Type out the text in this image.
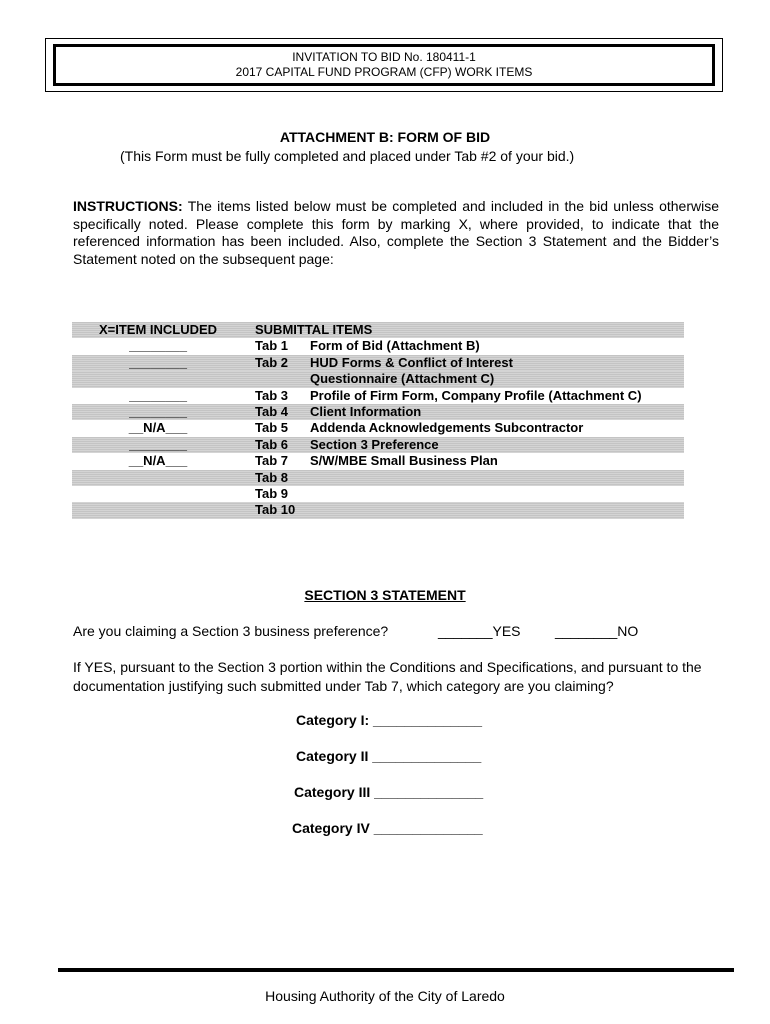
INVITATION TO BID No. 180411-1
2017 CAPITAL FUND PROGRAM (CFP) WORK ITEMS
ATTACHMENT B: FORM OF BID
(This Form must be fully completed and placed under Tab #2 of your bid.)
INSTRUCTIONS: The items listed below must be completed and included in the bid unless otherwise specifically noted. Please complete this form by marking X, where provided, to indicate that the referenced information has been included. Also, complete the Section 3 Statement and the Bidder’s Statement noted on the subsequent page:
X=ITEM INCLUDED	SUBMITTAL ITEMS
________	Tab 1	Form of Bid (Attachment B)
________	Tab 2	HUD Forms & Conflict of Interest
Questionnaire (Attachment C)
________	Tab 3	Profile of Firm Form, Company Profile (Attachment C)
________	Tab 4	Client Information
__N/A___	Tab 5	Addenda Acknowledgements Subcontractor
________	Tab 6	Section 3 Preference
__N/A___	Tab 7	S/W/MBE Small Business Plan
Tab 8
Tab 9
Tab 10
SECTION 3 STATEMENT
Are you claiming a Section 3 business preference?	_______YES ________NO
If YES, pursuant to the Section 3 portion within the Conditions and Specifications, and pursuant to the documentation justifying such submitted under Tab 7, which category are you claiming?
Category I: ______________
Category II ______________
Category III ______________
Category IV ______________
Housing Authority of the City of Laredo
